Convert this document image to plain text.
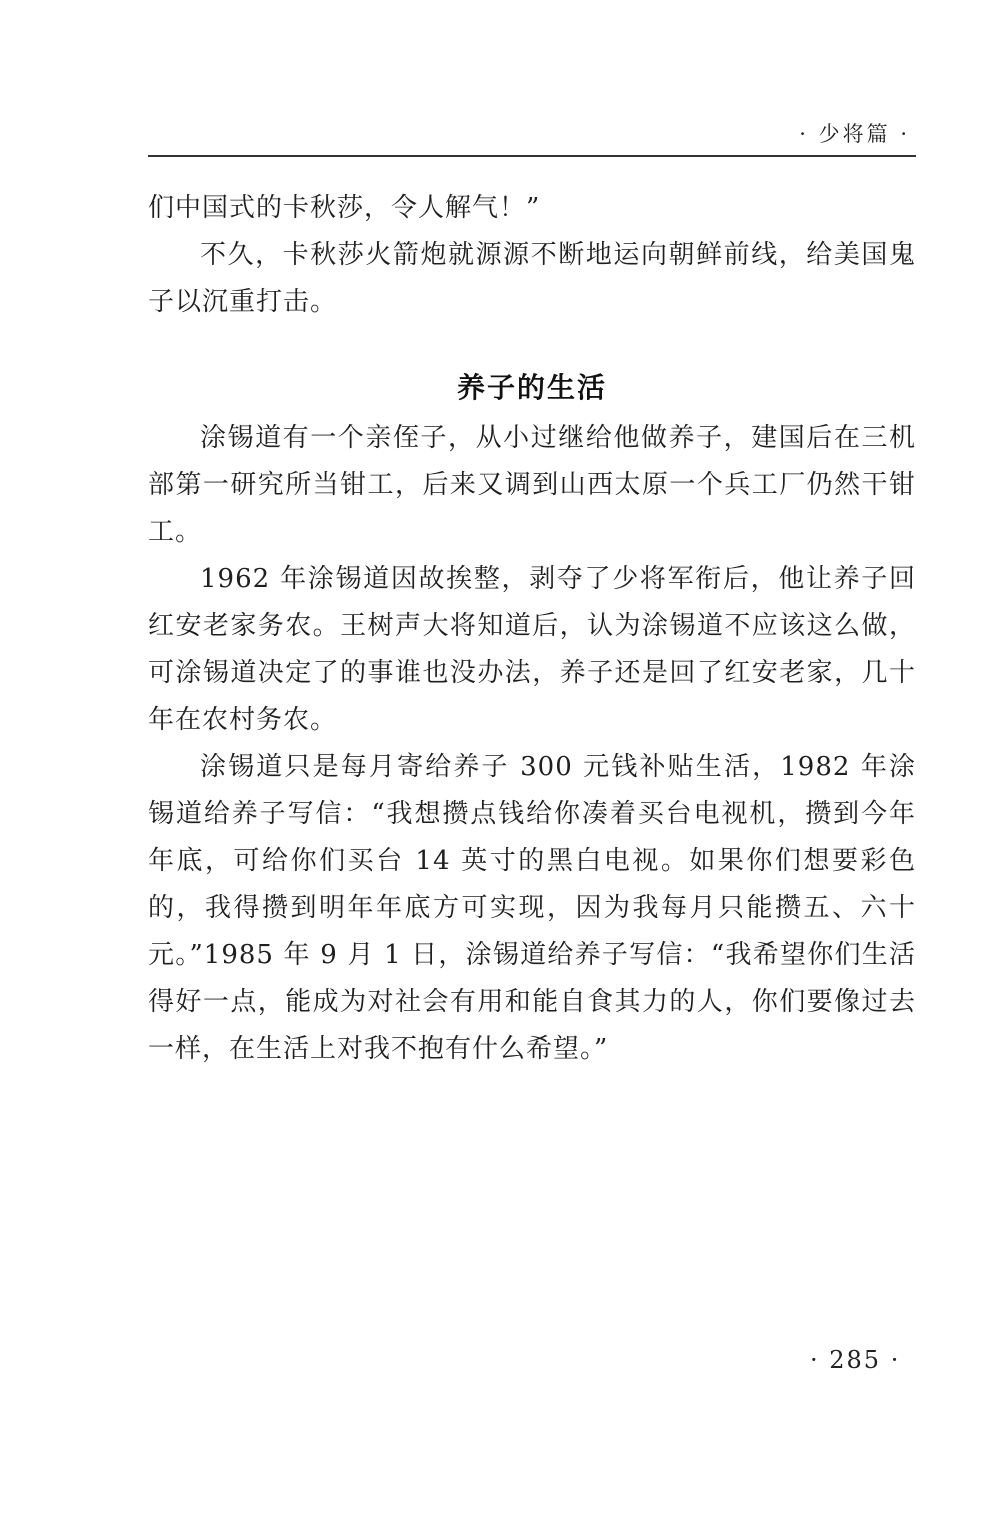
· 少将篇 ·

们中国式的卡秋莎，令人解气！”

不久，卡秋莎火箭炮就源源不断地运向朝鲜前线，给美国鬼子以沉重打击。

养子的生活

涂锡道有一个亲侄子，从小过继给他做养子，建国后在三机部第一研究所当钳工，后来又调到山西太原一个兵工厂仍然干钳工。

1962 年涂锡道因故挨整，剥夺了少将军衔后，他让养子回红安老家务农。王树声大将知道后，认为涂锡道不应该这么做，可涂锡道决定了的事谁也没办法，养子还是回了红安老家，几十年在农村务农。

涂锡道只是每月寄给养子 300 元钱补贴生活，1982 年涂锡道给养子写信：“我想攒点钱给你凑着买台电视机，攒到今年年底，可给你们买台 14 英寸的黑白电视。如果你们想要彩色的，我得攒到明年年底方可实现，因为我每月只能攒五、六十元。”1985 年 9 月 1 日，涂锡道给养子写信：“我希望你们生活得好一点，能成为对社会有用和能自食其力的人，你们要像过去一样，在生活上对我不抱有什么希望。”

· 285 ·
